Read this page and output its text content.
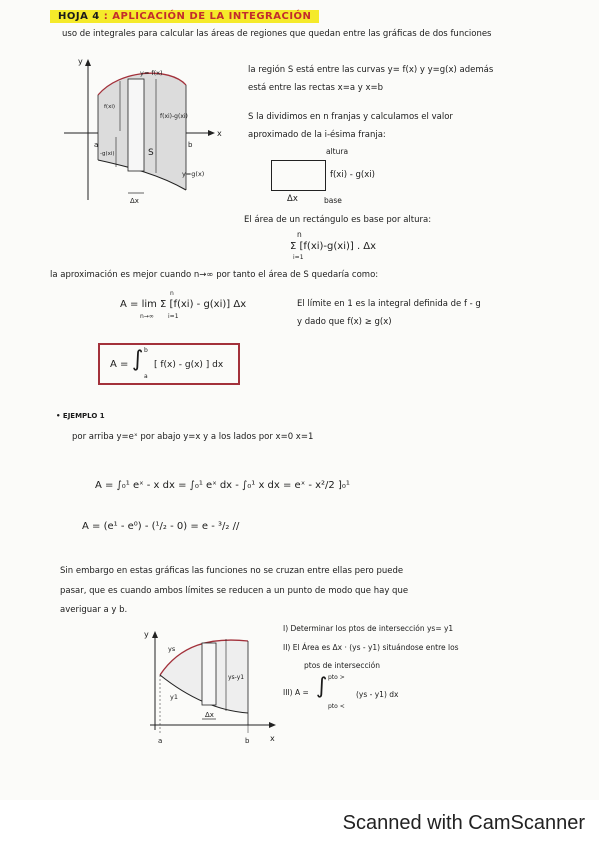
HOJA 4 : APLICACIÓN DE LA INTEGRACIÓN
uso de integrales para calcular las áreas de regiones que quedan entre las gráficas de dos funciones
y
x
y= f(x)
y=g(x)
f(xi)
f(xi)-g(xi)
a	b
-g(xi)	S
Δx
la región S está entre las curvas y= f(x) y y=g(x) además
está entre las rectas x=a y x=b
S la dividimos en n franjas y calculamos el valor
aproximado de la i-ésima franja:
altura
f(xi) - g(xi)
Δx	base
El área de un rectángulo es base por altura:
n
Σ [f(xi)-g(xi)] . Δx
i=1
la aproximación es mejor cuando n→∞ por tanto el área de S quedaría como:
n
A = lim Σ [f(xi) - g(xi)] Δx
n→∞ i=1
El límite en 1 es la integral definida de f - g
y dado que f(x) ≥ g(x)
A = ∫ b
a
[ f(x) - g(x) ] dx
• EJEMPLO 1
por arriba y=eˣ por abajo y=x y a los lados por x=0 x=1
A = ∫₀¹ eˣ - x dx = ∫₀¹ eˣ dx - ∫₀¹ x dx = eˣ - x²/2 ]₀¹
A = (e¹ - e⁰) - (¹/₂ - 0) = e - ³/₂ //
Sin embargo en estas gráficas las funciones no se cruzan entre ellas pero puede
pasar, que es cuando ambos límites se reducen a un punto de modo que hay que
averiguar a y b.
y
x
ys
y1
ys-y1
Δx
a	b
I) Determinar los ptos de intersección ys= y1
II) El Área es Δx · (ys - y1) situándose entre los
ptos de intersección
III) A = ∫ pto >
pto <
(ys - y1) dx
Scanned with CamScanner
